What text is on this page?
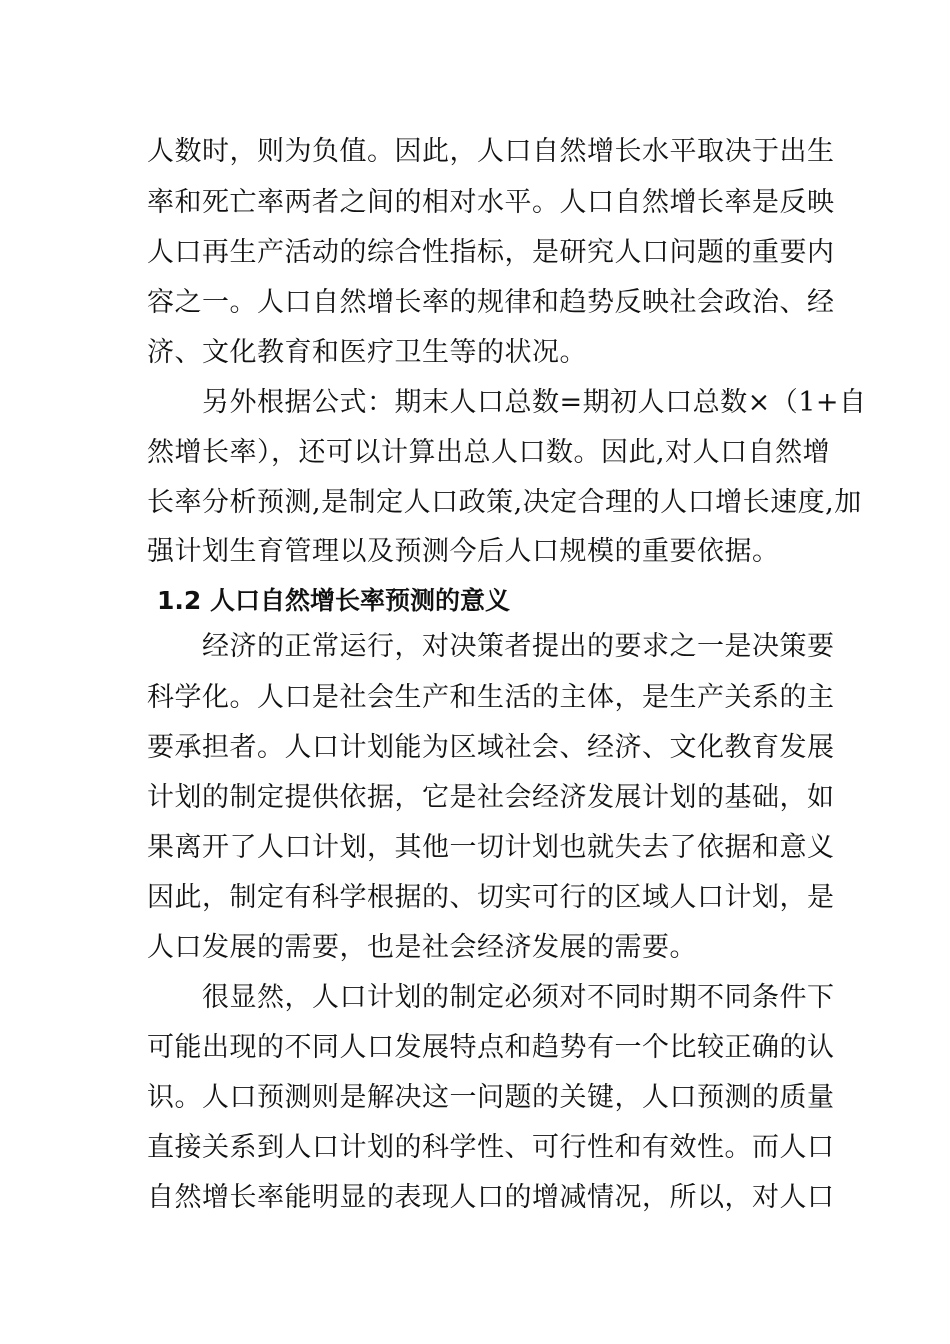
人数时，则为负值。因此，人口自然增长水平取决于出生
率和死亡率两者之间的相对水平。人口自然增长率是反映
人口再生产活动的综合性指标，是研究人口问题的重要内
容之一。人口自然增长率的规律和趋势反映社会政治、经
济、文化教育和医疗卫生等的状况。
　　另外根据公式：期末人口总数=期初人口总数×（1+自
然增长率），还可以计算出总人口数。因此,对人口自然增
长率分析预测,是制定人口政策,决定合理的人口增长速度,加
强计划生育管理以及预测今后人口规模的重要依据。
1.2 人口自然增长率预测的意义
　　经济的正常运行，对决策者提出的要求之一是决策要
科学化。人口是社会生产和生活的主体，是生产关系的主
要承担者。人口计划能为区域社会、经济、文化教育发展
计划的制定提供依据，它是社会经济发展计划的基础，如
果离开了人口计划，其他一切计划也就失去了依据和意义
因此，制定有科学根据的、切实可行的区域人口计划，是
人口发展的需要，也是社会经济发展的需要。
　　很显然，人口计划的制定必须对不同时期不同条件下
可能出现的不同人口发展特点和趋势有一个比较正确的认
识。人口预测则是解决这一问题的关键，人口预测的质量
直接关系到人口计划的科学性、可行性和有效性。而人口
自然增长率能明显的表现人口的增减情况，所以，对人口
